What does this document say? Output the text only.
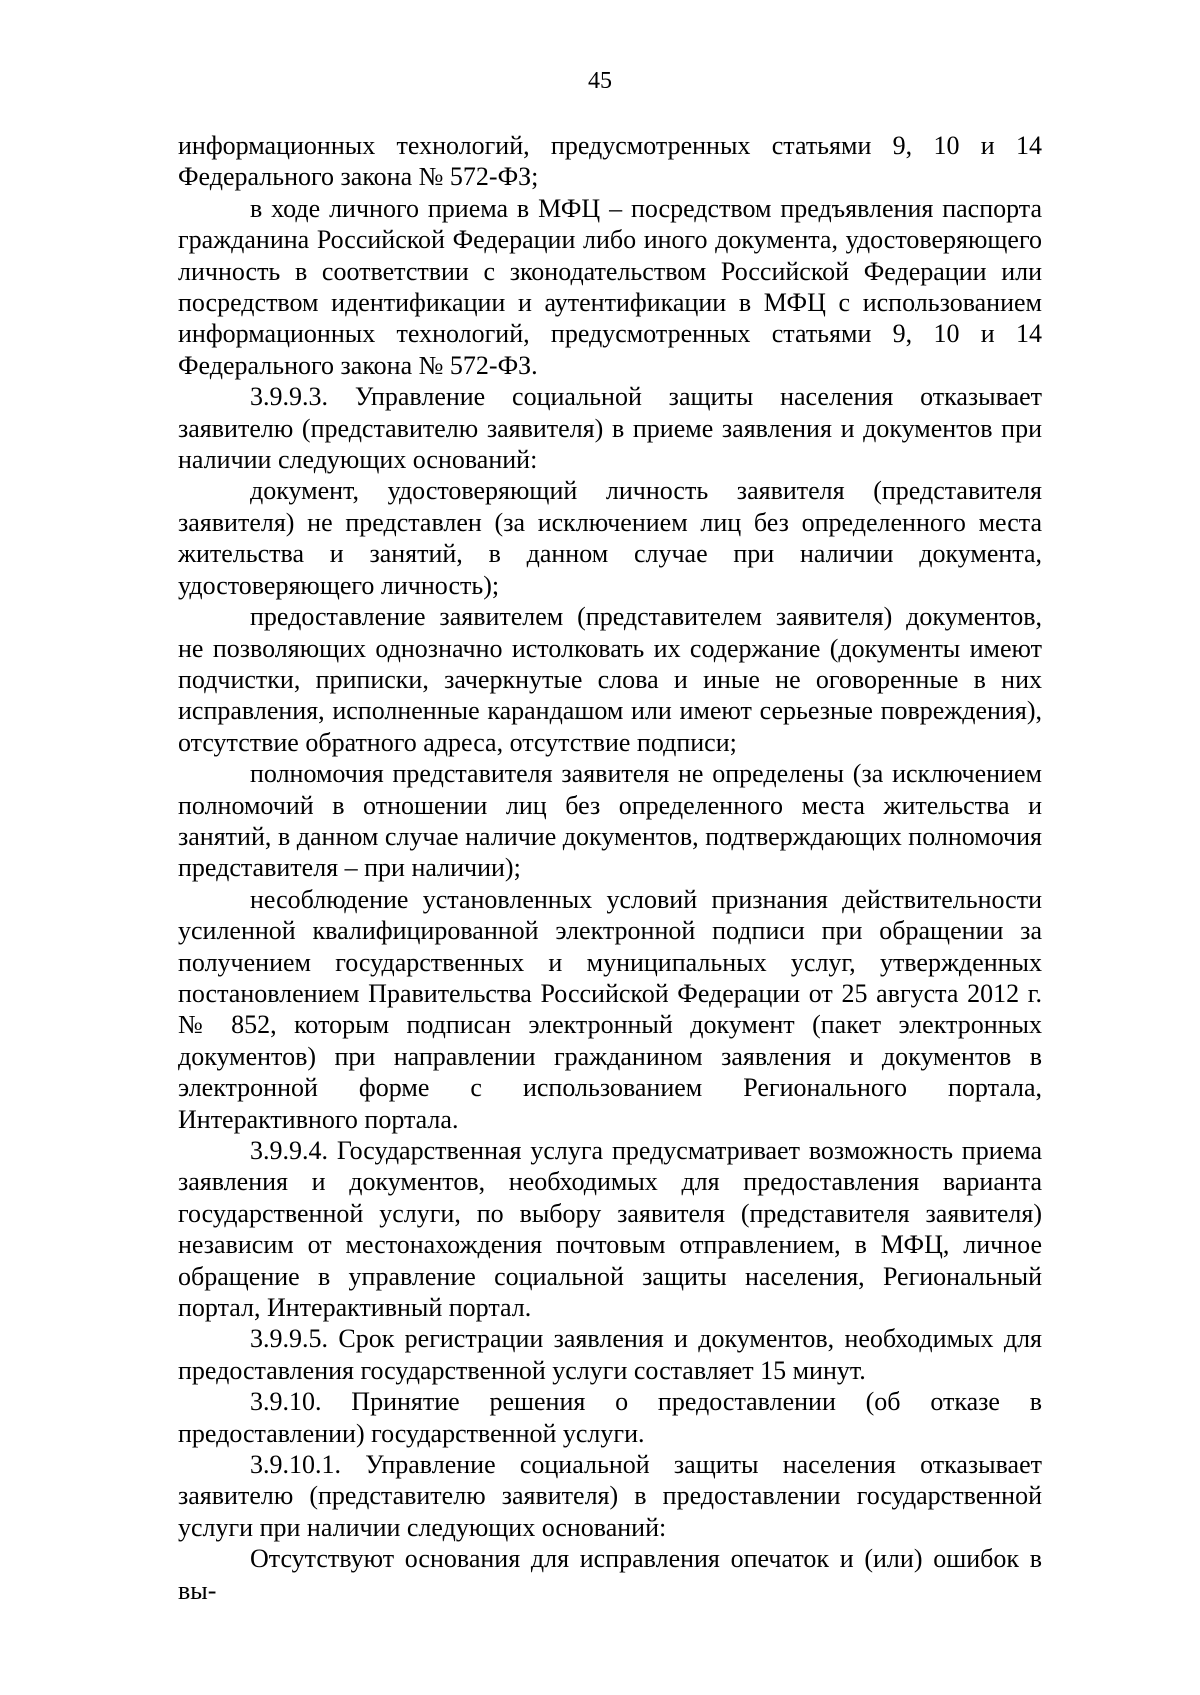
45

информационных технологий, предусмотренных статьями 9, 10 и 14

Федерального закона № 572-ФЗ;

в ходе личного приема в МФЦ – посредством предъявления паспорта гражданина Российской Федерации либо иного документа, удостоверяющего личность в соответствии с зконодательством Российской Федерации или посредством идентификации и аутентификации в МФЦ с использованием информационных технологий, предусмотренных статьями 9, 10 и 14 Федерального закона № 572-ФЗ.

3.9.9.3. Управление социальной защиты населения отказывает заявителю (представителю заявителя) в приеме заявления и документов при наличии следующих оснований:

документ, удостоверяющий личность заявителя (представителя заявителя) не представлен (за исключением лиц без определенного места жительства и занятий, в данном случае при наличии документа, удостоверяющего личность);

предоставление заявителем (представителем заявителя) документов, не позволяющих однозначно истолковать их содержание (документы имеют подчистки, приписки, зачеркнутые слова и иные не оговоренные в них исправления, исполненные карандашом или имеют серьезные повреждения), отсутствие обратного адреса, отсутствие подписи;

полномочия представителя заявителя не определены (за исключением полномочий в отношении лиц без определенного места жительства и занятий, в данном случае наличие документов, подтверждающих полномочия представителя – при наличии);

несоблюдение установленных условий признания действительности усиленной квалифицированной электронной подписи при обращении за получением государственных и муниципальных услуг, утвержденных постановлением Правительства Российской Федерации от 25 августа 2012 г. № 852, которым подписан электронный документ (пакет электронных документов) при направлении гражданином заявления и документов в электронной форме с использованием Регионального портала, Интерактивного портала.

3.9.9.4. Государственная услуга предусматривает возможность приема заявления и документов, необходимых для предоставления варианта государственной услуги, по выбору заявителя (представителя заявителя) независим от местонахождения почтовым отправлением, в МФЦ, личное обращение в управление социальной защиты населения, Региональный портал, Интерактивный портал.

3.9.9.5. Срок регистрации заявления и документов, необходимых для предоставления государственной услуги составляет 15 минут.

3.9.10. Принятие решения о предоставлении (об отказе в предоставлении) государственной услуги.

3.9.10.1. Управление социальной защиты населения отказывает заявителю (представителю заявителя) в предоставлении государственной услуги при наличии следующих оснований:

Отсутствуют основания для исправления опечаток и (или) ошибок в вы-
